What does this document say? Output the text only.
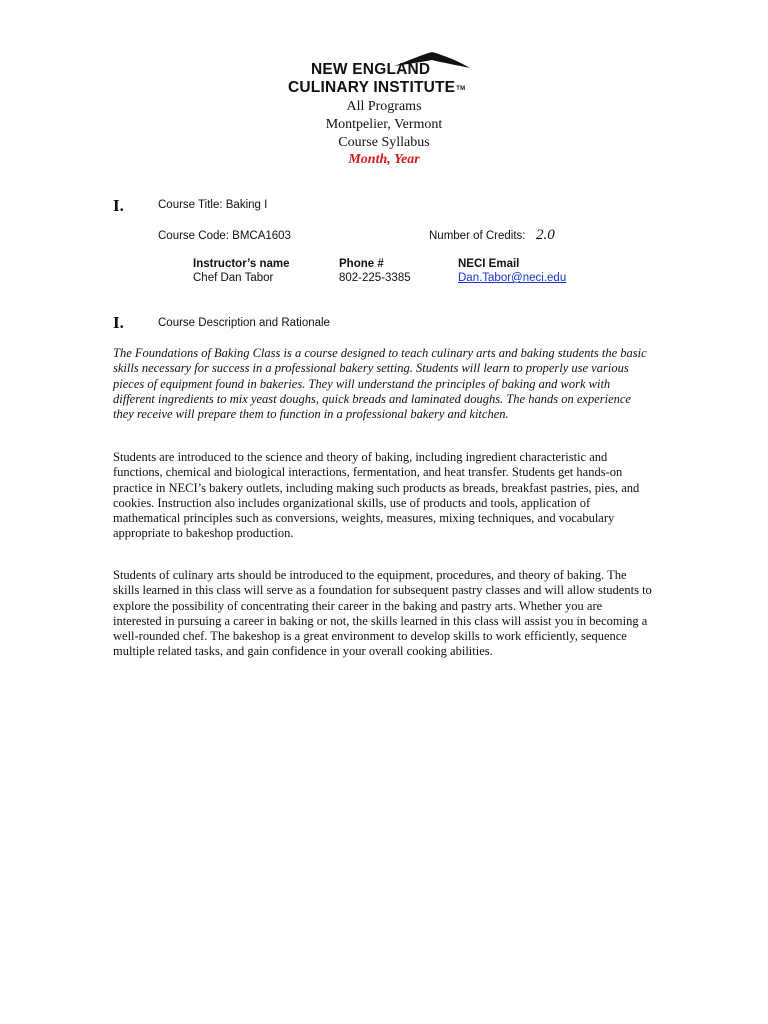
NEW ENGLAND
CULINARY INSTITUTE™
All Programs
Montpelier, Vermont
Course Syllabus
Month, Year
I.	Course Title: Baking I
Course Code: BMCA1603	Number of Credits: 2.0
Instructor’s name	Phone #	NECI Email
Chef Dan Tabor	802-225-3385	Dan.Tabor@neci.edu
I.	Course Description and Rationale
The Foundations of Baking Class is a course designed to teach culinary arts and baking students the basic skills necessary for success in a professional bakery setting. Students will learn to properly use various pieces of equipment found in bakeries. They will understand the principles of baking and work with different ingredients to mix yeast doughs, quick breads and laminated doughs. The hands on experience they receive will prepare them to function in a professional bakery and kitchen.
Students are introduced to the science and theory of baking, including ingredient characteristic and functions, chemical and biological interactions, fermentation, and heat transfer. Students get hands-on practice in NECI’s bakery outlets, including making such products as breads, breakfast pastries, pies, and cookies. Instruction also includes organizational skills, use of products and tools, application of mathematical principles such as conversions, weights, measures, mixing techniques, and vocabulary appropriate to bakeshop production.
Students of culinary arts should be introduced to the equipment, procedures, and theory of baking. The skills learned in this class will serve as a foundation for subsequent pastry classes and will allow students to explore the possibility of concentrating their career in the baking and pastry arts. Whether you are interested in pursuing a career in baking or not, the skills learned in this class will assist you in becoming a well-rounded chef. The bakeshop is a great environment to develop skills to work efficiently, sequence multiple related tasks, and gain confidence in your overall cooking abilities.
